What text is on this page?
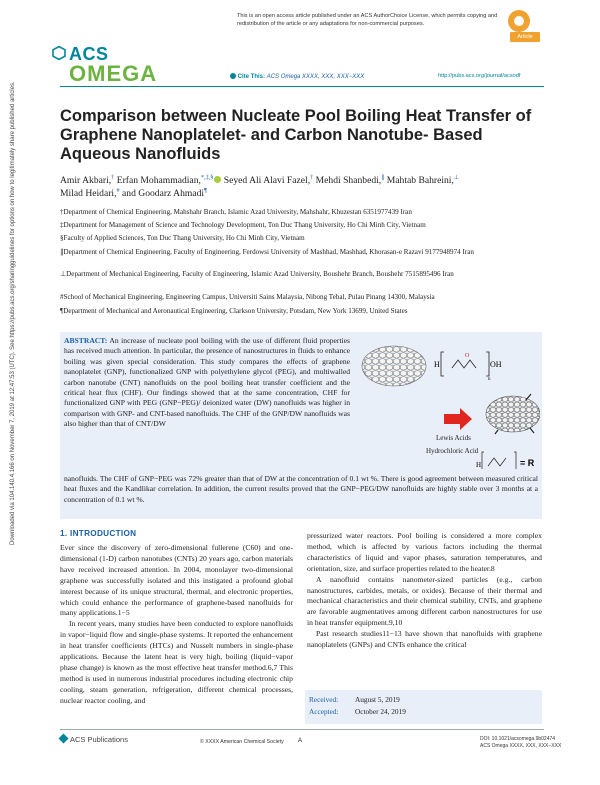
This is an open access article published under an ACS AuthorChoice License, which permits copying and redistribution of the article or any adaptations for non-commercial purposes.
Article
ACS
OMEGA	Cite This: ACS Omega XXXX, XXX, XXX−XXX	http://pubs.acs.org/journal/acsodf
Downloaded via 104.140.4.166 on November 7, 2019 at 12:47:53 (UTC). See https://pubs.acs.org/sharingguidelines for options on how to legitimately share published articles.	Comparison between Nucleate Pool Boiling Heat Transfer of Graphene Nanoplatelet- and Carbon Nanotube- Based Aqueous Nanofluids
Amir Akbari,† Erfan Mohammadian,*,‡,§ Seyed Ali Alavi Fazel,† Mehdi Shanbedi,∥ Mahtab Bahreini,⊥
Milad Heidari,# and Goodarz Ahmadi¶
†Department of Chemical Engineering, Mahshahr Branch, Islamic Azad University, Mahshahr, Khuzestan 6351977439 Iran
‡Department for Management of Science and Technology Development, Ton Duc Thang University, Ho Chi Minh City, Vietnam
§Faculty of Applied Sciences, Ton Duc Thang University, Ho Chi Minh City, Vietnam
∥Department of Chemical Engineering, Faculty of Engineering, Ferdowsi University of Mashhad, Mashhad, Khorasan-e Razavi 9177948974 Iran
⊥Department of Mechanical Engineering, Faculty of Engineering, Islamic Azad University, Boushehr Branch, Boushehr 7515895496 Iran
#School of Mechanical Engineering, Engineering Campus, Universiti Sains Malaysia, Nibong Tebal, Pulau Pinang 14300, Malaysia
¶Department of Mechanical and Aeronautical Engineering, Clarkson University, Potsdam, New York 13699, United States
ABSTRACT: An increase of nucleate pool boiling with the use of different fluid properties has received much attention. In particular, the presence of nanostructures in fluids to enhance boiling was given special consideration. This study compares the effects of graphene nanoplatelet (GNP), functionalized GNP with polyethylene glycol (PEG), and multiwalled carbon nanotube (CNT) nanofluids on the pool boiling heat transfer coefficient and the critical heat flux (CHF). Our findings showed that at the same concentration, CHF for functionalized GNP with PEG (GNP−PEG)/ deionized water (DW) nanofluids was higher in comparison with GNP- and CNT-based nanofluids. The CHF of the GNP/DW nanofluids was also higher than that of CNT/DW
nanofluids. The CHF of GNP−PEG was 72% greater than that of DW at the concentration of 0.1 wt %. There is good agreement between measured critical heat fluxes and the Kandlikar correlation. In addition, the current results proved that the GNP−PEG/DW nanofluids are highly stable over 3 months at a concentration of 0.1 wt %.
H
O
OH
n
Lewis Acids
Hydrochloric Acid
H	= R
1. INTRODUCTION

Ever since the discovery of zero-dimensional fullerene (C60) and one-dimensional (1-D) carbon nanotubes (CNTs) 20 years ago, carbon materials have received increased attention. In 2004, monolayer two-dimensional graphene was successfully isolated and this instigated a profound global interest because of its unique structural, thermal, and electronic properties, which could enhance the performance of graphene-based nanofluids for many applications.1−5

In recent years, many studies have been conducted to explore nanofluids in vapor−liquid flow and single-phase systems. It reported the enhancement in heat transfer coefficients (HTCs) and Nusselt numbers in single-phase applications. Because the latent heat is very high, boiling (liquid−vapor phase change) is known as the most effective heat transfer method.6,7 This method is used in numerous industrial procedures including electronic chip cooling, steam generation, refrigeration, different chemical processes, nuclear reactor cooling, and

pressurized water reactors. Pool boiling is considered a more complex method, which is affected by various factors including the thermal characteristics of liquid and vapor phases, saturation temperatures, and orientation, size, and surface properties related to the heater.8

A nanofluid contains nanometer-sized particles (e.g., carbon nanostructures, carbides, metals, or oxides). Because of their thermal and mechanical characteristics and their chemical stability, CNTs, and graphene are favorable augmentatives among different carbon nanostructures for use in heat transfer equipment.9,10

Past research studies11−13 have shown that nanofluids with graphene nanoplatelets (GNPs) and CNTs enhance the critical

Received: August 5, 2019
Accepted: October 24, 2019
ACS Publications	© XXXX American Chemical Society A	DOI: 10.1021/acsomega.9b02474
ACS Omega XXXX, XXX, XXX−XXX
